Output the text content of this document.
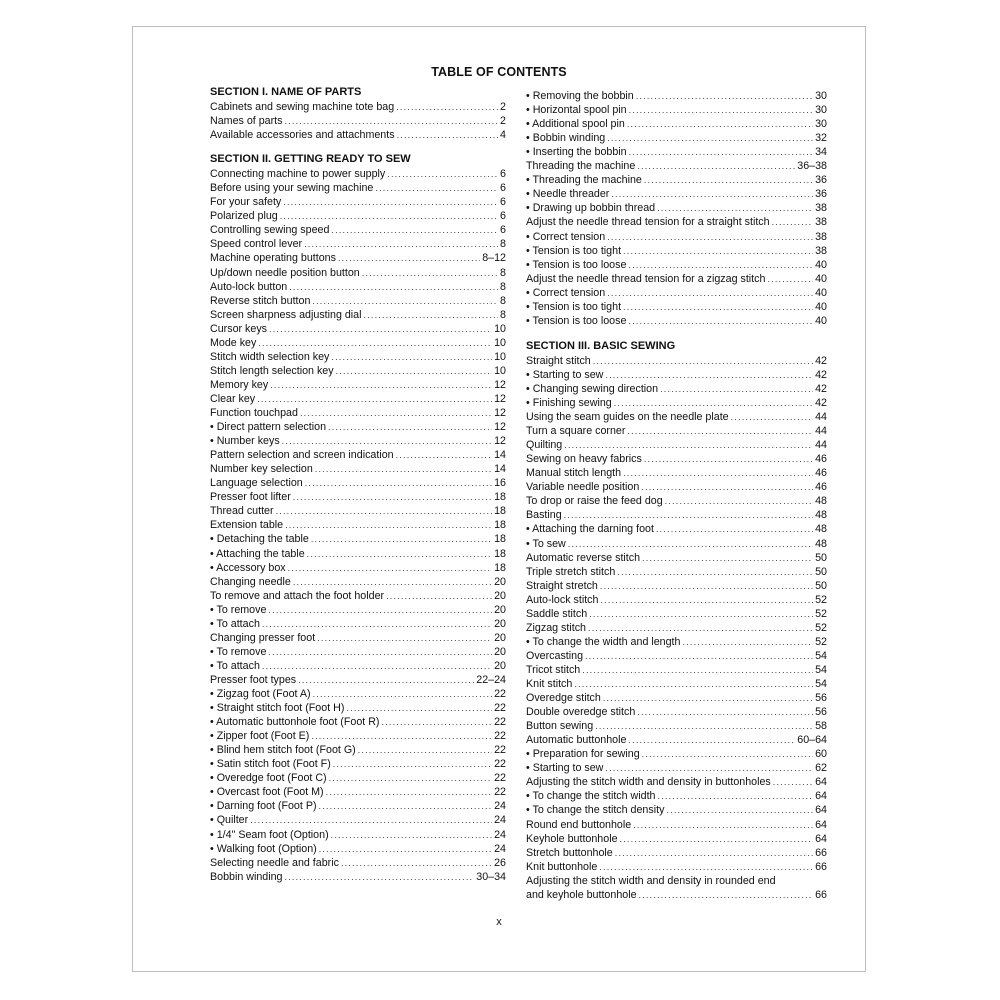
TABLE OF CONTENTS
SECTION I. NAME OF PARTS
Cabinets and sewing machine tote bag .....	2
Names of parts .....	2
Available accessories and attachments .....	4
SECTION II. GETTING READY TO SEW
Connecting machine to power supply .....	6
Before using your sewing machine .....	6
For your safety .....	6
Polarized plug .....	6
Controlling sewing speed .....	6
Speed control lever .....	8
Machine operating buttons .....	8–12
Up/down needle position button .....	8
Auto-lock button .....	8
Reverse stitch button .....	8
Screen sharpness adjusting dial .....	8
Cursor keys .....	10
Mode key .....	10
Stitch width selection key .....	10
Stitch length selection key .....	10
Memory key .....	12
Clear key .....	12
Function touchpad .....	12
• Direct pattern selection .....	12
• Number keys .....	12
Pattern selection and screen indication .....	14
Number key selection .....	14
Language selection .....	16
Presser foot lifter .....	18
Thread cutter .....	18
Extension table .....	18
• Detaching the table .....	18
• Attaching the table .....	18
• Accessory box .....	18
Changing needle .....	20
To remove and attach the foot holder .....	20
• To remove .....	20
• To attach .....	20
Changing presser foot .....	20
• To remove .....	20
• To attach .....	20
Presser foot types .....	22–24
• Zigzag foot (Foot A) .....	22
• Straight stitch foot (Foot H) .....	22
• Automatic buttonhole foot (Foot R) .....	22
• Zipper foot (Foot E) .....	22
• Blind hem stitch foot (Foot G) .....	22
• Satin stitch foot (Foot F) .....	22
• Overedge foot (Foot C) .....	22
• Overcast foot (Foot M) .....	22
• Darning foot (Foot P) .....	24
• Quilter .....	24
• 1/4" Seam foot (Option) .....	24
• Walking foot (Option) .....	24
Selecting needle and fabric .....	26
Bobbin winding .....	30–34
• Removing the bobbin .....	30
• Horizontal spool pin .....	30
• Additional spool pin .....	30
• Bobbin winding .....	32
• Inserting the bobbin .....	34
Threading the machine .....	36–38
• Threading the machine .....	36
• Needle threader .....	36
• Drawing up bobbin thread .....	38
Adjust the needle thread tension for a straight stitch .....	38
• Correct tension .....	38
• Tension is too tight .....	38
• Tension is too loose .....	40
Adjust the needle thread tension for a zigzag stitch .....	40
• Correct tension .....	40
• Tension is too tight .....	40
• Tension is too loose .....	40
SECTION III. BASIC SEWING
Straight stitch .....	42
• Starting to sew .....	42
• Changing sewing direction .....	42
• Finishing sewing .....	42
Using the seam guides on the needle plate .....	44
Turn a square corner .....	44
Quilting .....	44
Sewing on heavy fabrics .....	46
Manual stitch length .....	46
Variable needle position .....	46
To drop or raise the feed dog .....	48
Basting .....	48
• Attaching the darning foot .....	48
• To sew .....	48
Automatic reverse stitch .....	50
Triple stretch stitch .....	50
Straight stretch .....	50
Auto-lock stitch .....	52
Saddle stitch .....	52
Zigzag stitch .....	52
• To change the width and length .....	52
Overcasting .....	54
Tricot stitch .....	54
Knit stitch .....	54
Overedge stitch .....	56
Double overedge stitch .....	56
Button sewing .....	58
Automatic buttonhole .....	60–64
• Preparation for sewing .....	60
• Starting to sew .....	62
Adjusting the stitch width and density in buttonholes .....	64
• To change the stitch width .....	64
• To change the stitch density .....	64
Round end buttonhole .....	64
Keyhole buttonhole .....	64
Stretch buttonhole .....	66
Knit buttonhole .....	66
Adjusting the stitch width and density in rounded end
and keyhole buttonhole .....	66
x
